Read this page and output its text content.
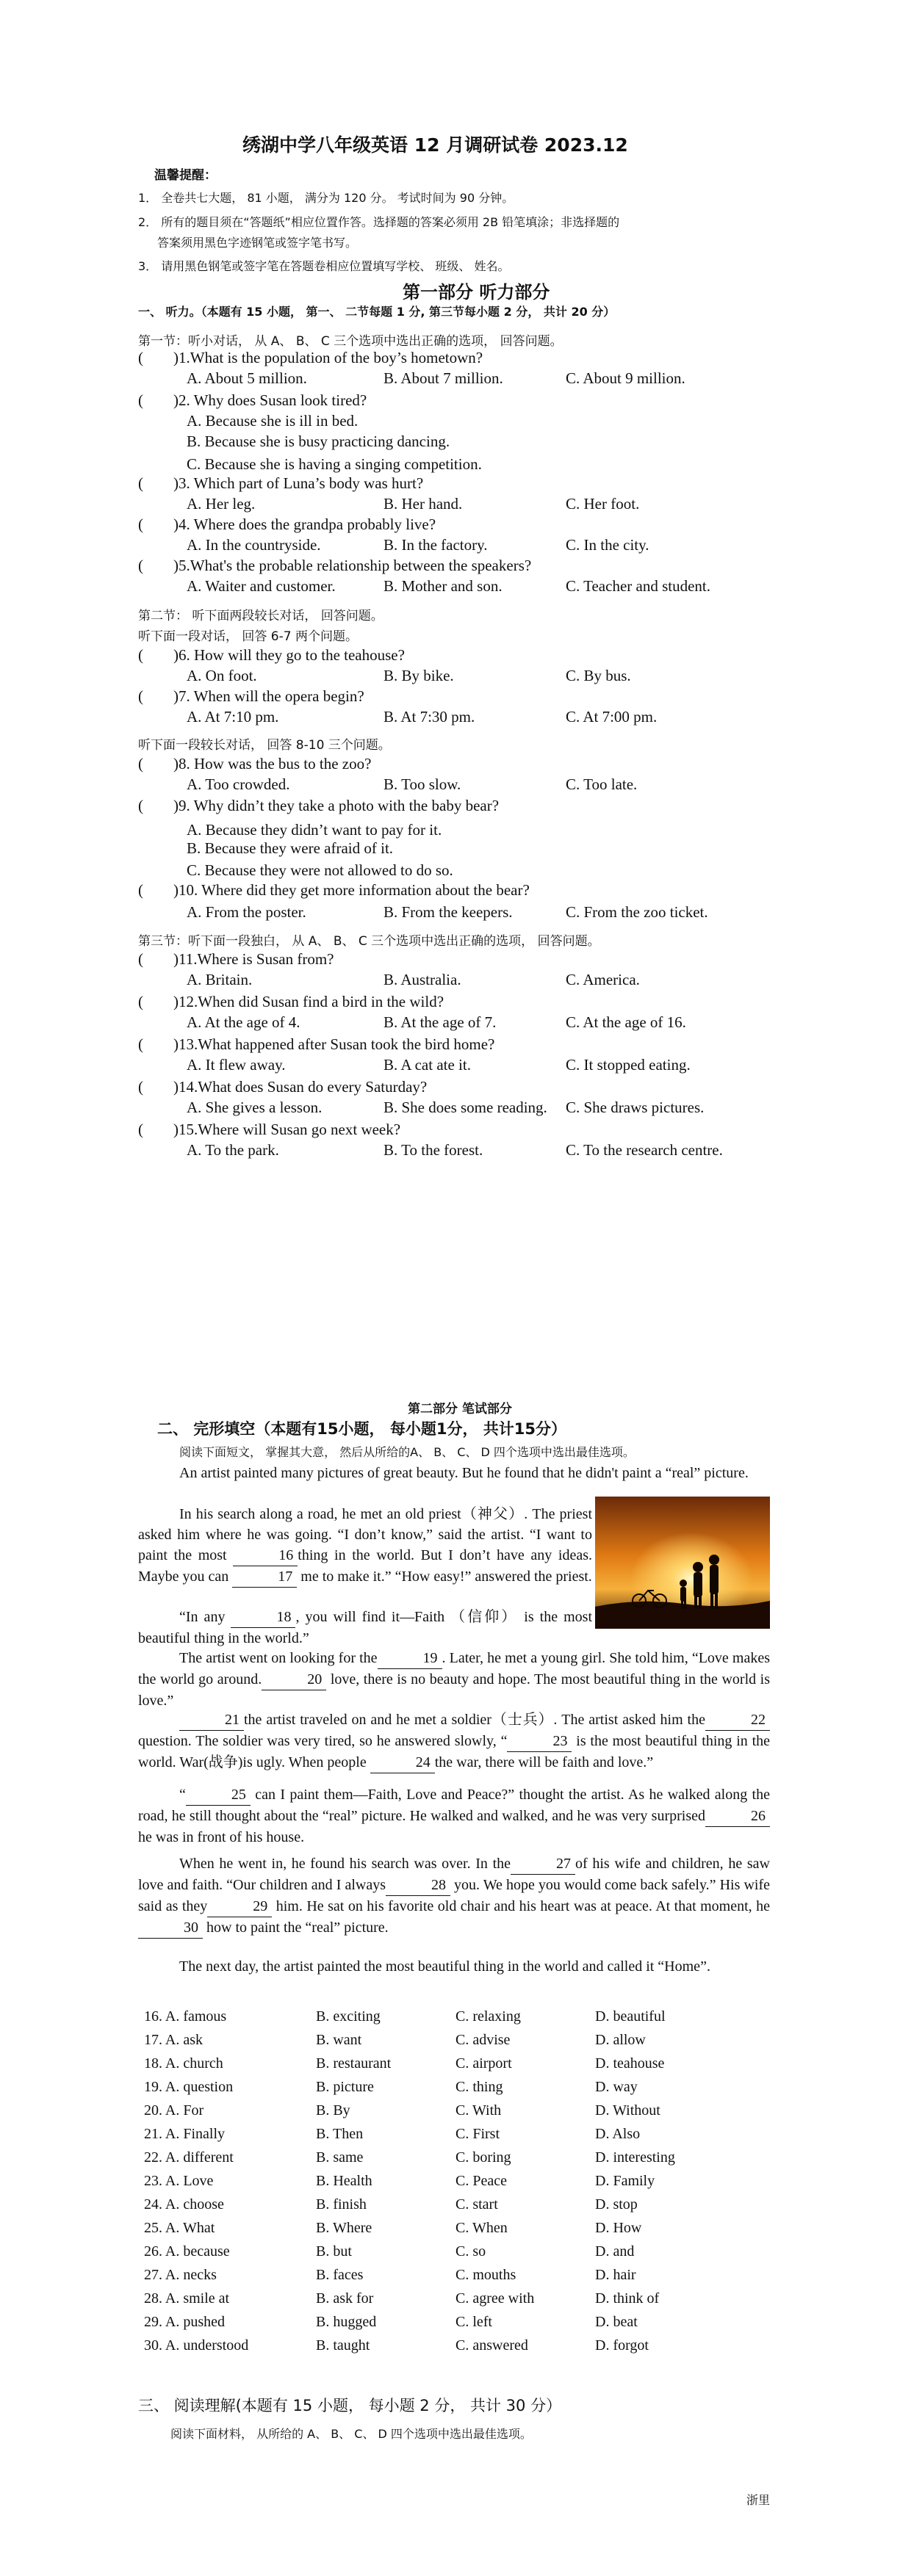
绣湖中学八年级英语 12 月调研试卷 2023.12
温馨提醒：
1． 全卷共七大题， 81 小题， 满分为 120 分。 考试时间为 90 分钟。
2． 所有的题目须在“答题纸”相应位置作答。选择题的答案必须用 2B 铅笔填涂；非选择题的
答案须用黑色字迹钢笔或签字笔书写。
3． 请用黑色钢笔或签字笔在答题卷相应位置填写学校、 班级、 姓名。
第一部分 听力部分
一、 听力。（本题有 15 小题， 第一、 二节每题 1 分, 第三节每小题 2 分， 共计 20 分）
第一节：听小对话， 从 A、 B、 C 三个选项中选出正确的选项， 回答问题。
( )1.What is the population of the boy’s hometown?
A. About 5 million.	B. About 7 million.	C. About 9 million.
( )2. Why does Susan look tired?
A. Because she is ill in bed.
B. Because she is busy practicing dancing.
C. Because she is having a singing competition.
( )3. Which part of Luna’s body was hurt?
A. Her leg.	B. Her hand.	C. Her foot.
( )4. Where does the grandpa probably live?
A. In the countryside.	B. In the factory.	C. In the city.
( )5.What's the probable relationship between the speakers?
A. Waiter and customer.	B. Mother and son.	C. Teacher and student.
( )6. How will they go to the teahouse?
A. On foot.	B. By bike.	C. By bus.
( )7. When will the opera begin?
A. At 7:10 pm.	B. At 7:30 pm.	C. At 7:00 pm.
( )8. How was the bus to the zoo?
A. Too crowded.	B. Too slow.	C. Too late.
( )9. Why didn’t they take a photo with the baby bear?
A. Because they didn’t want to pay for it.
B. Because they were afraid of it.
C. Because they were not allowed to do so.
( )10. Where did they get more information about the bear?
A. From the poster.	B. From the keepers.	C. From the zoo ticket.
( )11.Where is Susan from?
A. Britain.	B. Australia.	C. America.
( )12.When did Susan find a bird in the wild?
A. At the age of 4.	B. At the age of 7.	C. At the age of 16.
( )13.What happened after Susan took the bird home?
A. It flew away.	B. A cat ate it.	C. It stopped eating.
( )14.What does Susan do every Saturday?
A. She gives a lesson.	B. She does some reading. C. She draws pictures.
( )15.Where will Susan go next week?
A. To the park.	B. To the forest.	C. To the research centre.
第二节： 听下面两段较长对话， 回答问题。
听下面一段对话， 回答 6-7 两个问题。
听下面一段较长对话， 回答 8-10 三个问题。
第三节：听下面一段独白， 从 A、 B、 C 三个选项中选出正确的选项， 回答问题。
第二部分 笔试部分
二、 完形填空（本题有15小题， 每小题1分， 共计15分）
阅读下面短文， 掌握其大意， 然后从所给的A、 B、 C、 D 四个选项中选出最佳选项。
An artist painted many pictures of great beauty. But he found that he didn't paint a “real” picture.
In his search along a road, he met an old priest（神父）. The priest asked him where he was going. “I don’t know,” said the artist. “I want to paint the most	16 thing in the world. But I don’t have any ideas. Maybe you can	17 me to make it.” “How easy!” answered the priest.
“In any	18 , you will find it—Faith （信仰） is the most beautiful thing in the world.”
The artist went on looking for the	19 . Later, he met a young girl. She told him, “Love makes the world go around.	20 love, there is no beauty and hope. The most beautiful thing in the world is love.”
21 the artist traveled on and he met a soldier（士兵）. The artist asked him the	22question. The soldier was very tired, so he answered slowly, “	23 is the most beautiful thing in the world. War(战争)is ugly. When people	24 the war, there will be faith and love.”
“	25 can I paint them—Faith, Love and Peace?” thought the artist. As he walked along the road, he still thought about the “real” picture. He walked and walked, and he was very surprised	26he was in front of his house.
When he went in, he found his search was over. In the	27 of his wife and children, he saw love and faith. “Our children and I always	28 you. We hope you would come back safely.” His wife said as they	29 him. He sat on his favorite old chair and his heart was at peace. At that moment, he30 how to paint the “real” picture.
The next day, the artist painted the most beautiful thing in the world and called it “Home”.
16. A. famous	B. exciting	C. relaxing	D. beautiful
17. A. ask	B. want	C. advise	D. allow
18. A. church	B. restaurant	C. airport	D. teahouse
19. A. question	B. picture	C. thing	D. way
20. A. For	B. By	C. With	D. Without
21. A. Finally	B. Then	C. First	D. Also
22. A. different	B. same	C. boring	D. interesting
23. A. Love	B. Health	C. Peace	D. Family
24. A. choose	B. finish	C. start	D. stop
25. A. What	B. Where	C. When	D. How
26. A. because	B. but	C. so	D. and
27. A. necks	B. faces	C. mouths	D. hair
28. A. smile at	B. ask for	C. agree with	D. think of
29. A. pushed	B. hugged	C. left	D. beat
30. A. understood	B. taught	C. answered	D. forgot
三、 阅读理解(本题有 15 小题， 每小题 2 分， 共计 30 分）
阅读下面材料， 从所给的 A、 B、 C、 D 四个选项中选出最佳选项。
浙里
